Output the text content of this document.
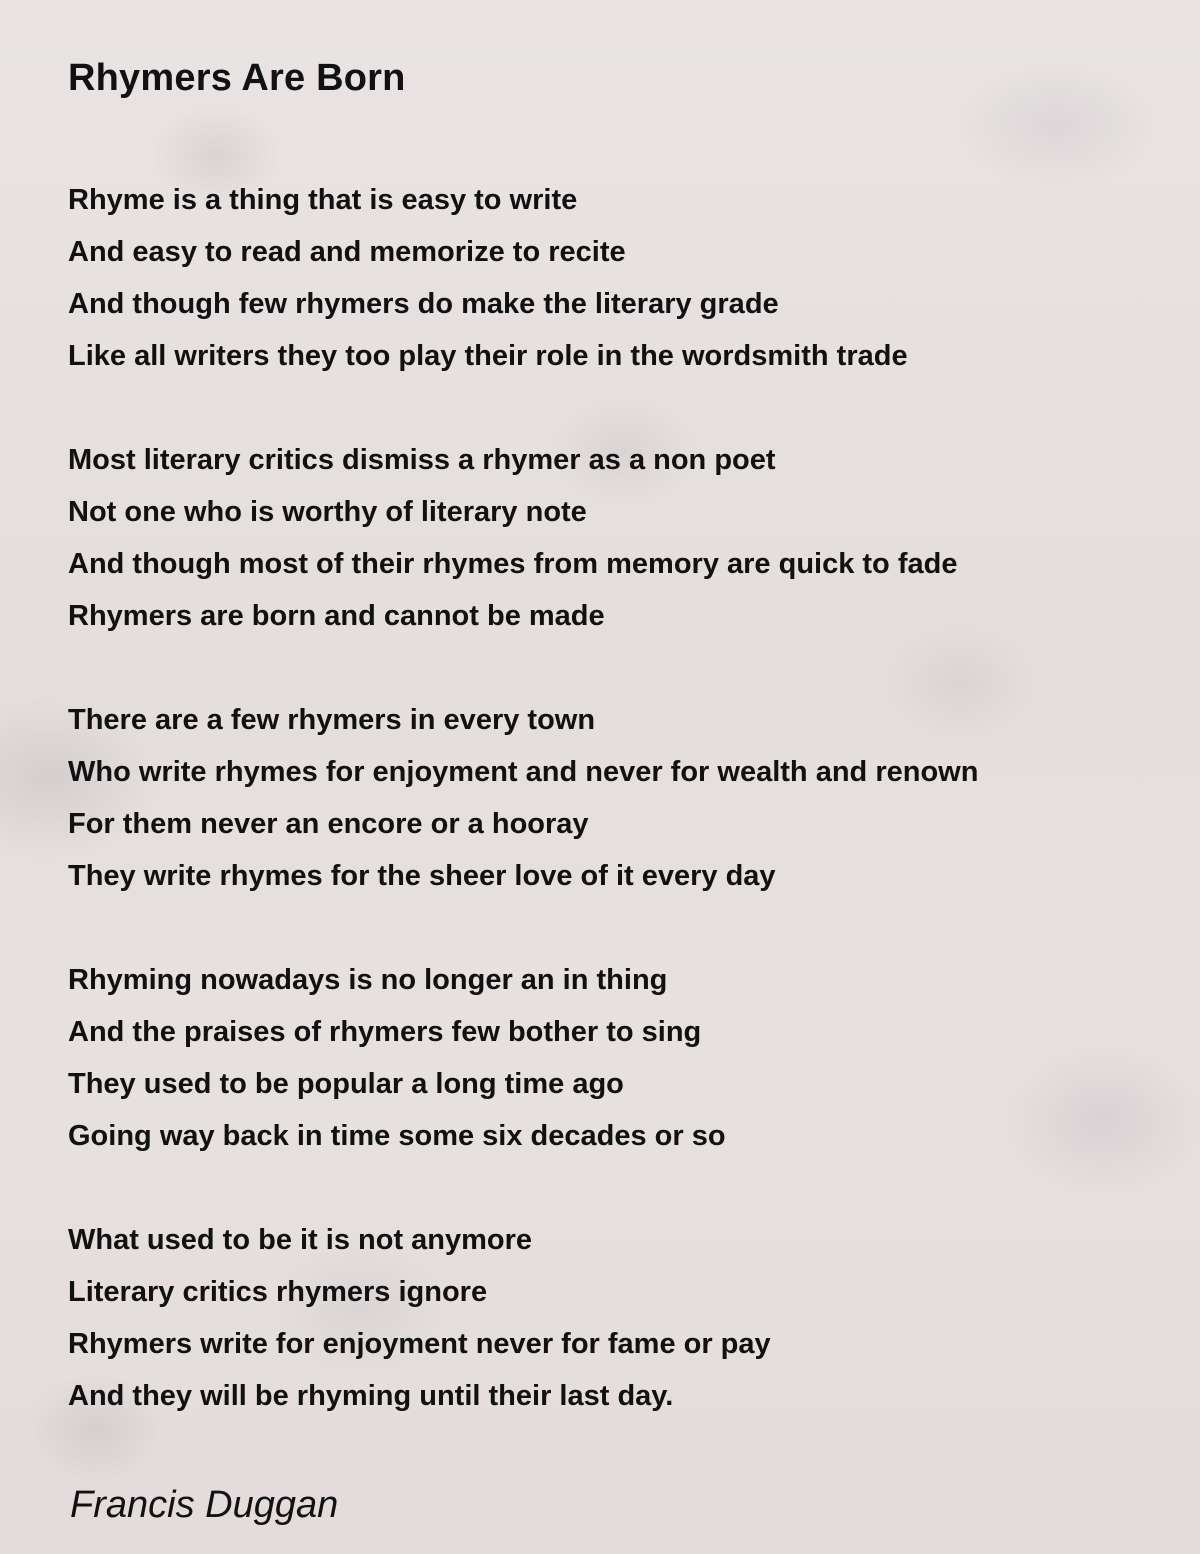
Rhymers Are Born
Rhyme is a thing that is easy to write
And easy to read and memorize to recite
And though few rhymers do make the literary grade
Like all writers they too play their role in the wordsmith trade
Most literary critics dismiss a rhymer as a non poet
Not one who is worthy of literary note
And though most of their rhymes from memory are quick to fade
Rhymers are born and cannot be made
There are a few rhymers in every town
Who write rhymes for enjoyment and never for wealth and renown
For them never an encore or a hooray
They write rhymes for the sheer love of it every day
Rhyming nowadays is no longer an in thing
And the praises of rhymers few bother to sing
They used to be popular a long time ago
Going way back in time some six decades or so
What used to be it is not anymore
Literary critics rhymers ignore
Rhymers write for enjoyment never for fame or pay
And they will be rhyming until their last day.
Francis Duggan
